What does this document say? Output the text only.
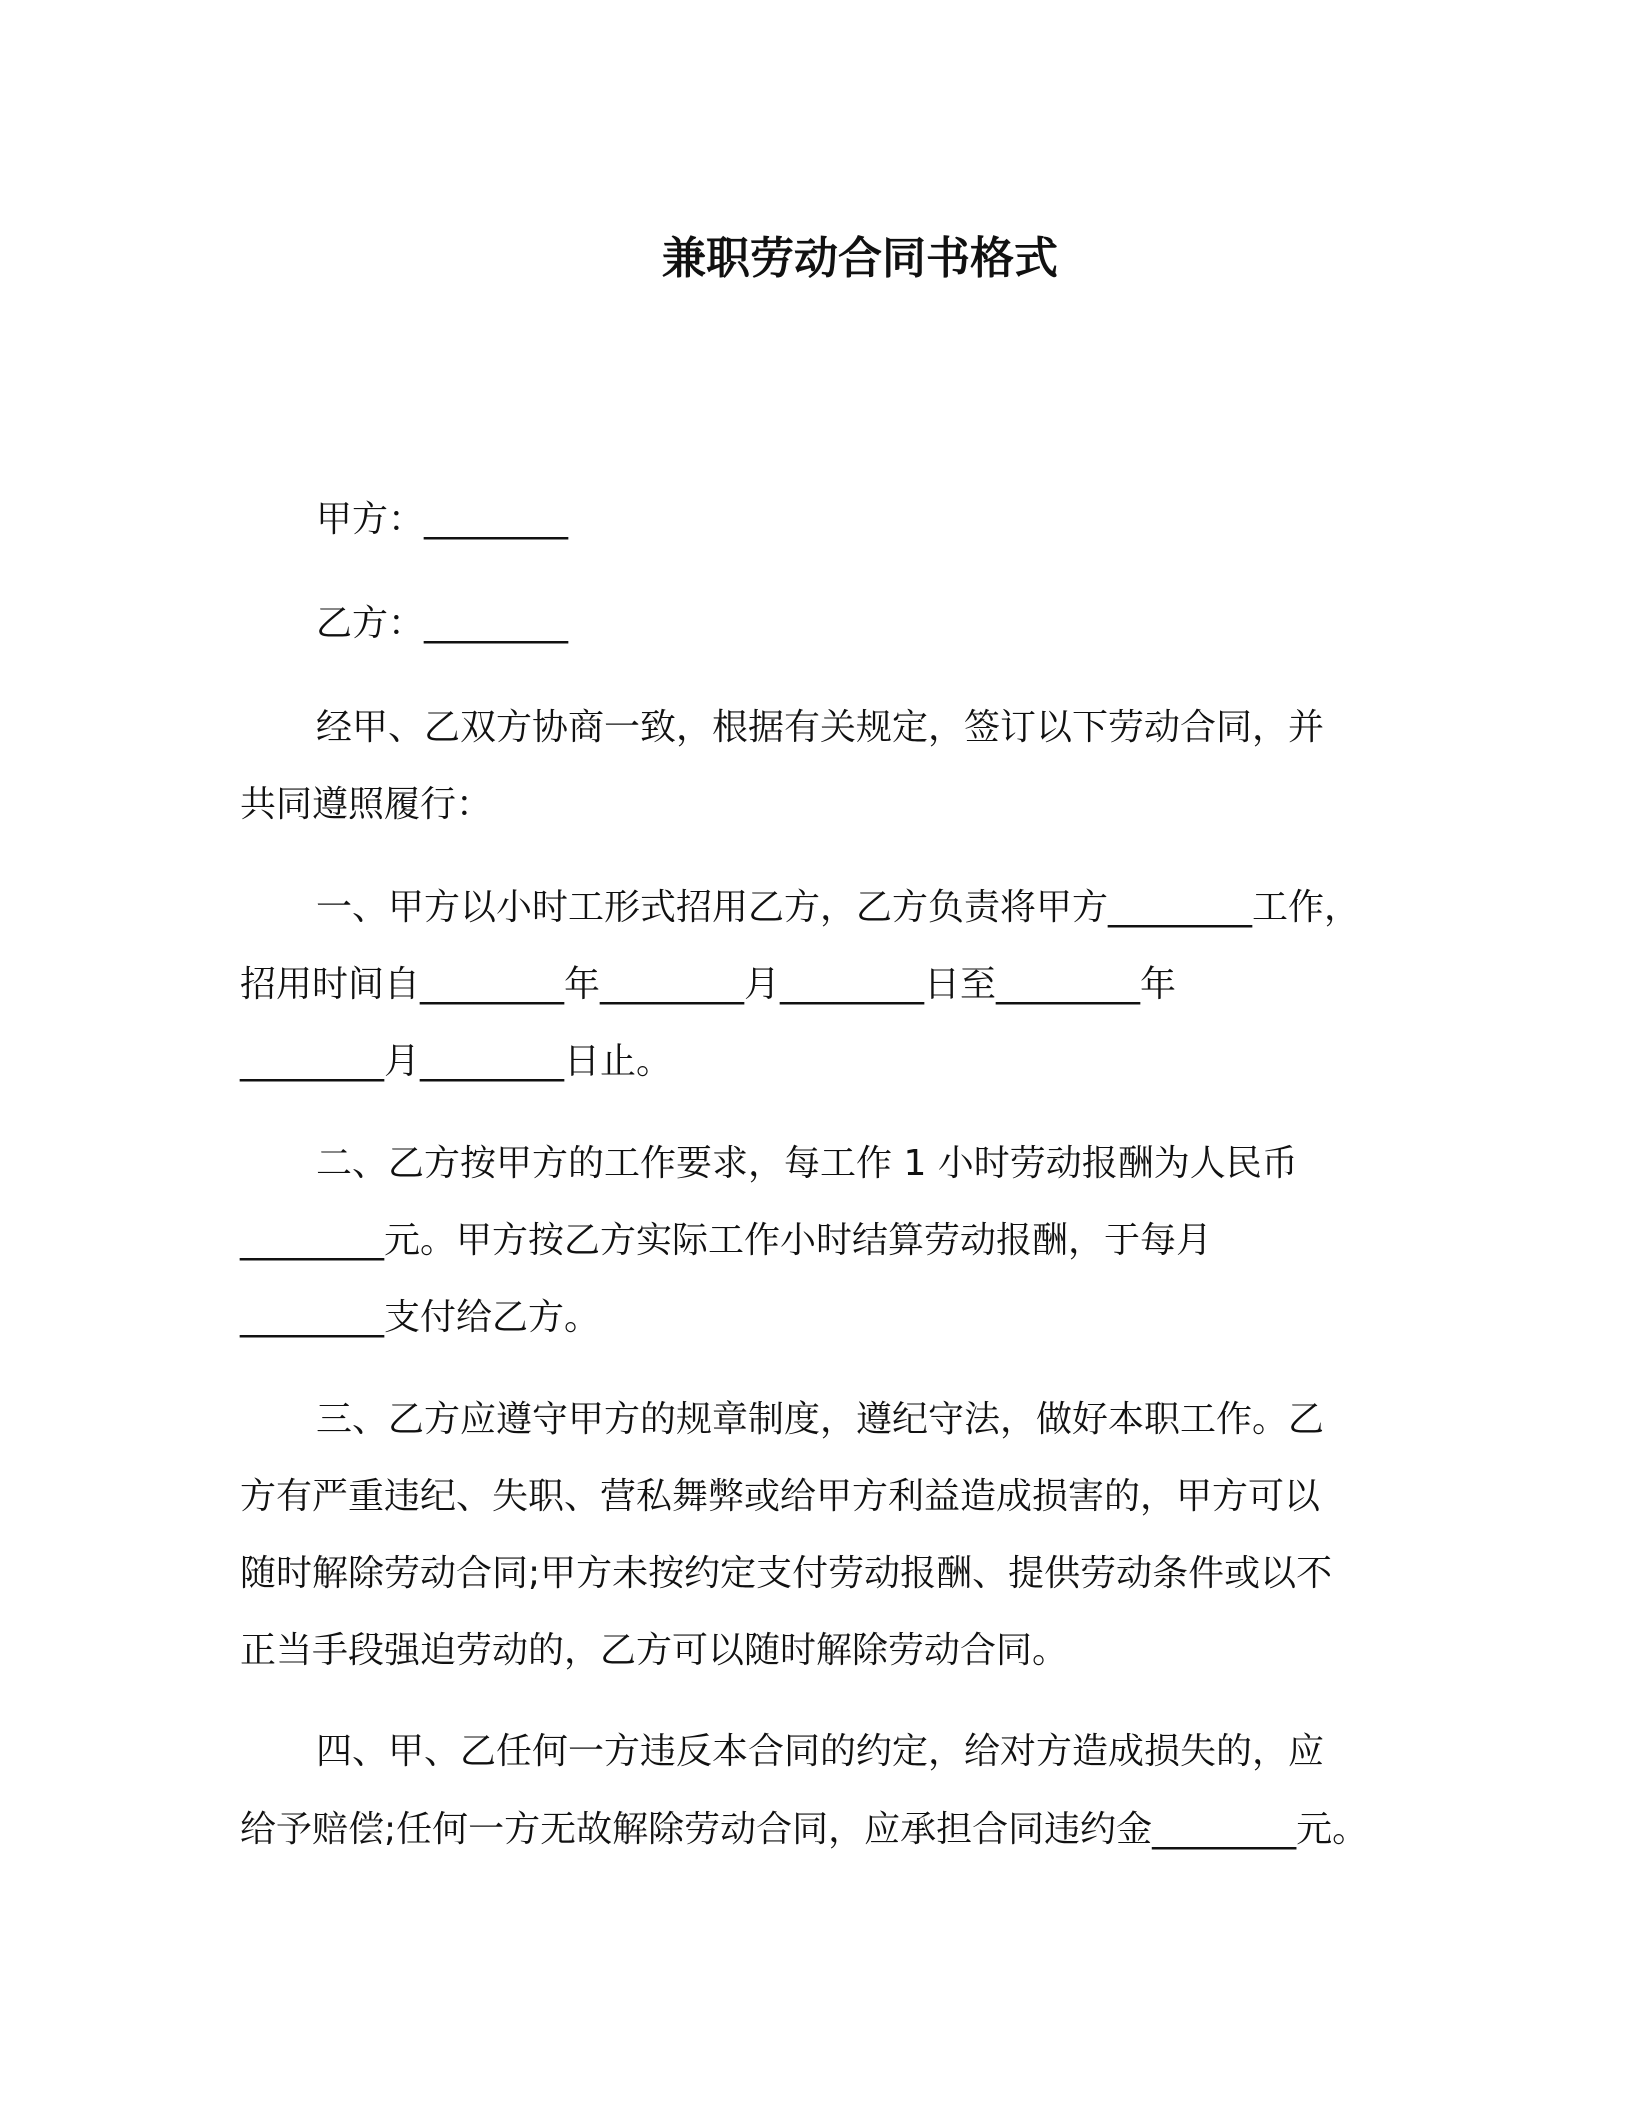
兼职劳动合同书格式
甲方：________
乙方：________
经甲、乙双方协商一致，根据有关规定，签订以下劳动合同，并
共同遵照履行：
一、甲方以小时工形式招用乙方，乙方负责将甲方________工作，
招用时间自________年________月________日至________年
________月________日止。
二、乙方按甲方的工作要求，每工作 1 小时劳动报酬为人民币
________元。甲方按乙方实际工作小时结算劳动报酬，于每月
________支付给乙方。
三、乙方应遵守甲方的规章制度，遵纪守法，做好本职工作。乙
方有严重违纪、失职、营私舞弊或给甲方利益造成损害的，甲方可以
随时解除劳动合同;甲方未按约定支付劳动报酬、提供劳动条件或以不
正当手段强迫劳动的，乙方可以随时解除劳动合同。
四、甲、乙任何一方违反本合同的约定，给对方造成损失的，应
给予赔偿;任何一方无故解除劳动合同，应承担合同违约金________元。
